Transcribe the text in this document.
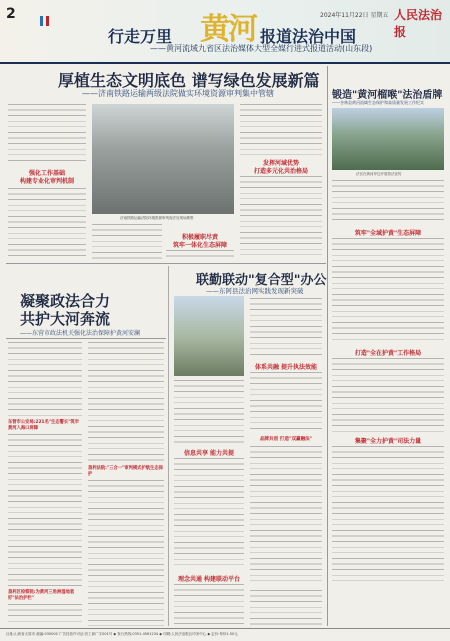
2
行走万里 黄河 报道法治中国
——黄河流域九省区法治媒体大型全媒行进式报道活动(山东段)
2024年11月22日 星期五 人民法治报
厚植生态文明底色 谱写绿色发展新篇
——济南铁路运输两级法院做实环境资源审判集中管辖
强化工作基础
构建专业化审判机制
济南铁路运输法院环境资源审判庭法官现场勘察
积极履职尽责
筑牢一体化生态屏障
发挥河域优势
打造多元化共治格局
锻造"黄河榴喉"法治盾牌
——杏林县黄河流域生态保护和高质量发展工作纪实
法官在黄河岸边开展普法宣传
筑牢"全域护黄"生态屏障
打造"全在护黄"工作格局
集聚"全力护黄"司法力量
凝聚政法合力
共护大河奔流
——东营市政法机关强化法治保障护黄河安澜
东营市公安局:221名"生态警长"筑牢黄河入海口屏障
垦利区检察院:为黄河三角洲湿地装好"法治护栏"
垦利法院:"三合一"审判模式护航生态保护
联勤联动"复合型"办公
——东阿县法治网实践发现新突破
体系共融 提升执法效能
信息共享 能力共提
品牌共创 打造"双赢融法"
理念共通 构建联动平台
社址:山西省太原市 邮编:030000 广告经营许可证:晋工商广字001号 ◆ 发行热线:0351-4561234 ◆ 印刷:人民法治报社印务中心 ◆ 定价:每份1.50元
